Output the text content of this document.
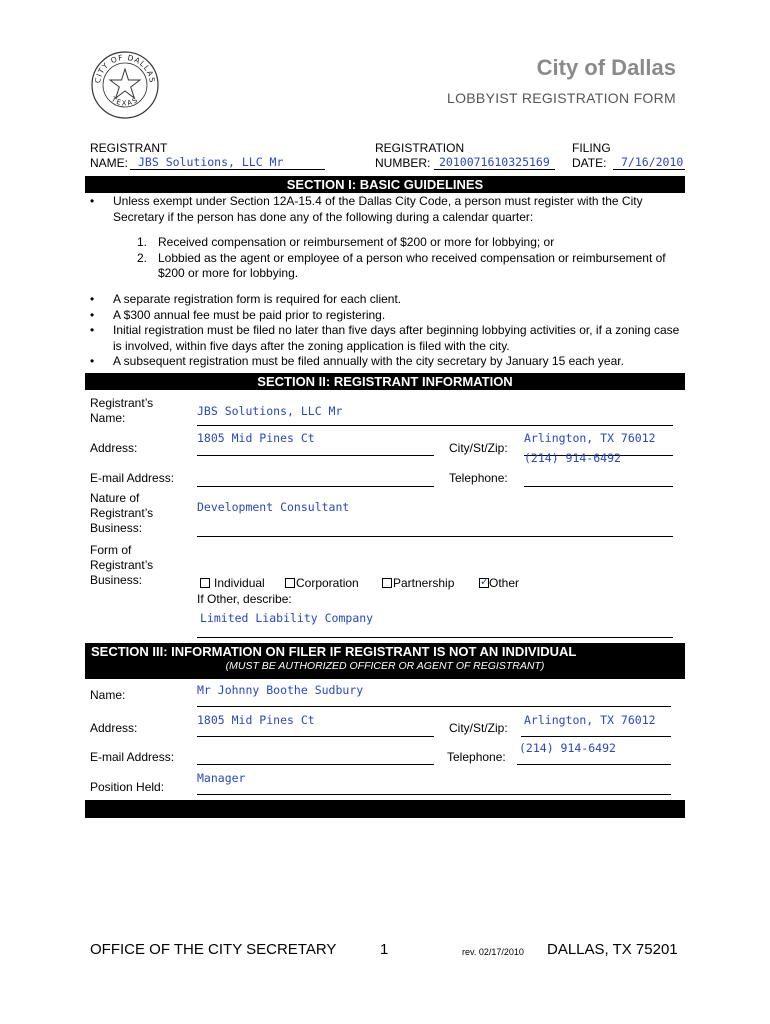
CITY OF DALLAS
TEXAS
City of Dallas
LOBBYIST REGISTRATION FORM
REGISTRANT
NAME: JBS Solutions, LLC Mr
REGISTRATION
NUMBER: 2010071610325169
FILING
DATE: 7/16/2010
SECTION I: BASIC GUIDELINES
• Unless exempt under Section 12A-15.4 of the Dallas City Code, a person must register with the City Secretary if the person has done any of the following during a calendar quarter:
1. Received compensation or reimbursement of $200 or more for lobbying; or
2. Lobbied as the agent or employee of a person who received compensation or reimbursement of $200 or more for lobbying.
• A separate registration form is required for each client.
• A $300 annual fee must be paid prior to registering.
• Initial registration must be filed no later than five days after beginning lobbying activities or, if a zoning case is involved, within five days after the zoning application is filed with the city.
• A subsequent registration must be filed annually with the city secretary by January 15 each year.
SECTION II: REGISTRANT INFORMATION
Registrant’s Name:	JBS Solutions, LLC Mr
Address:
1805 Mid Pines Ct
City/St/Zip:
Arlington, TX 76012
E-mail Address:	Telephone:
(214) 914-6492
Nature of Registrant’s Business:
Development Consultant
Form of Registrant’s Business:	Individual	Corporation	Partnership✓	Other
If Other, describe:
Limited Liability Company
SECTION III: INFORMATION ON FILER IF REGISTRANT IS NOT AN INDIVIDUAL
(MUST BE AUTHORIZED OFFICER OR AGENT OF REGISTRANT)
Name:	Mr Johnny Boothe Sudbury
Address:
1805 Mid Pines Ct
City/St/Zip:
Arlington, TX 76012
E-mail Address:	Telephone:
(214) 914-6492
Position Held:
Manager
OFFICE OF THE CITY SECRETARY	1	rev. 02/17/2010 DALLAS, TX 75201
